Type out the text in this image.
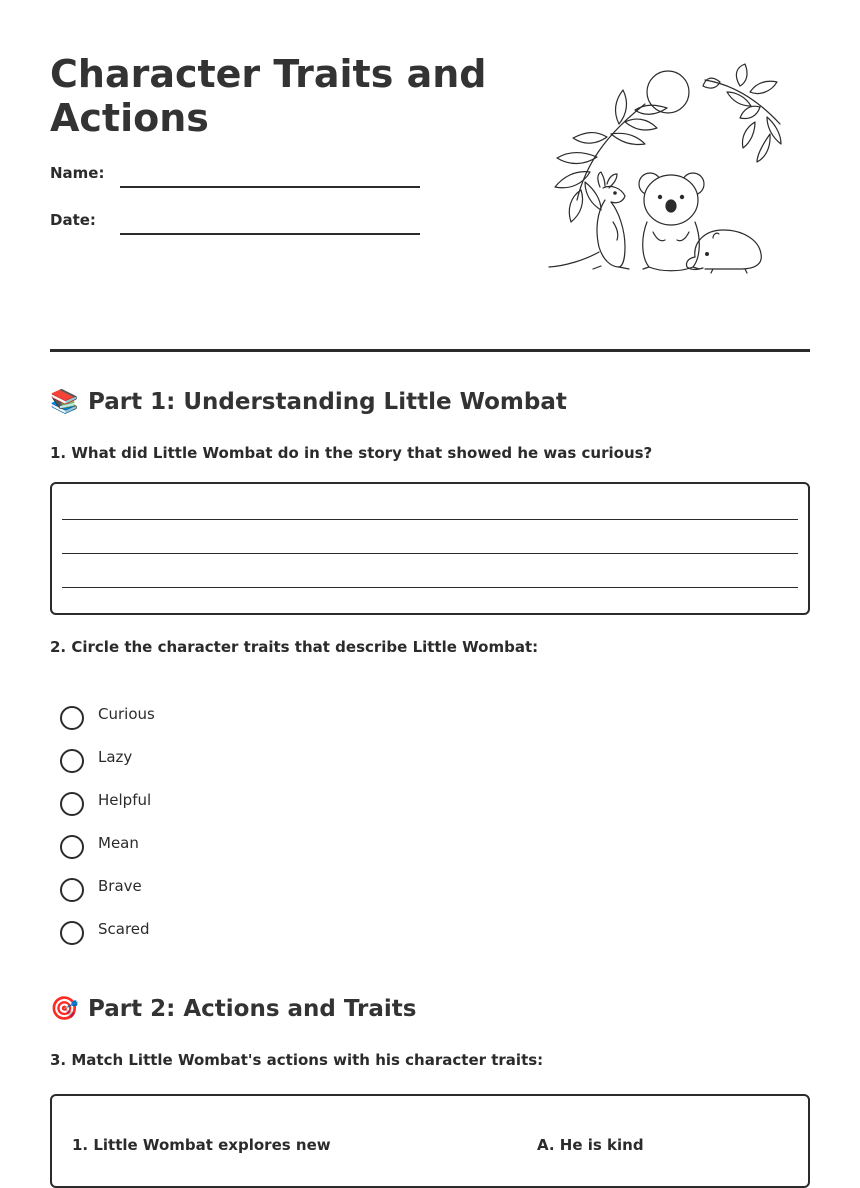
Character Traits and Actions
Name:
Date:
📚 Part 1: Understanding Little Wombat
1. What did Little Wombat do in the story that showed he was curious?
2. Circle the character traits that describe Little Wombat:
Curious
Lazy
Helpful
Mean
Brave
Scared
🎯 Part 2: Actions and Traits
3. Match Little Wombat's actions with his character traits:
1. Little Wombat explores new	A. He is kind
